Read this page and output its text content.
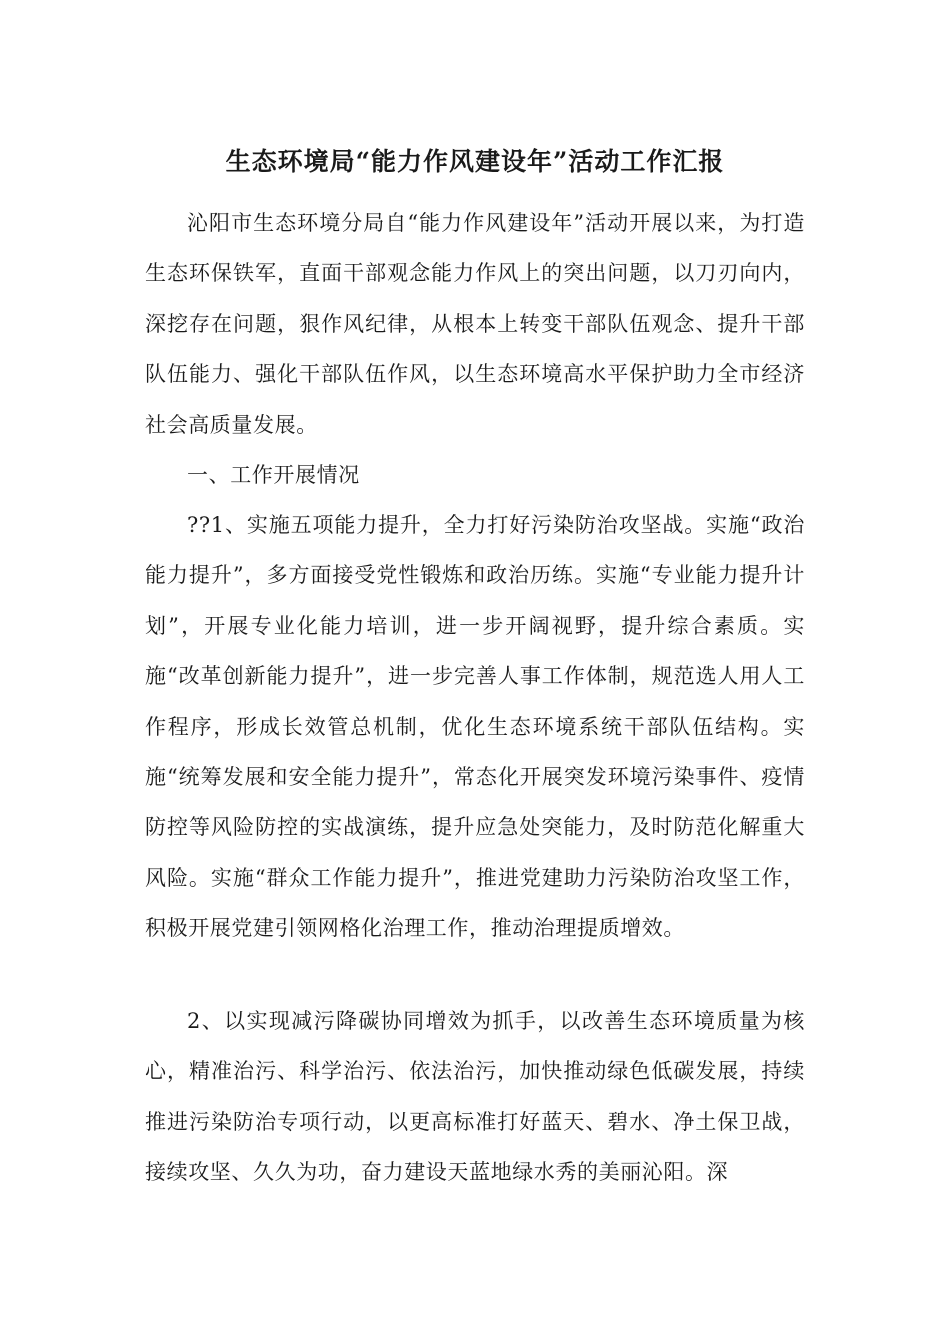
生态环境局“能力作风建设年”活动工作汇报

沁阳市生态环境分局自“能力作风建设年”活动开展以来，为打造生态环保铁军，直面干部观念能力作风上的突出问题，以刀刃向内，深挖存在问题，狠作风纪律，从根本上转变干部队伍观念、提升干部队伍能力、强化干部队伍作风，以生态环境高水平保护助力全市经济社会高质量发展。

一、工作开展情况

??1、实施五项能力提升，全力打好污染防治攻坚战。实施“政治能力提升”，多方面接受党性锻炼和政治历练。实施“专业能力提升计划”，开展专业化能力培训，进一步开阔视野，提升综合素质。实施“改革创新能力提升”，进一步完善人事工作体制，规范选人用人工作程序，形成长效管总机制，优化生态环境系统干部队伍结构。实施“统筹发展和安全能力提升”，常态化开展突发环境污染事件、疫情防控等风险防控的实战演练，提升应急处突能力，及时防范化解重大风险。实施“群众工作能力提升”，推进党建助力污染防治攻坚工作，积极开展党建引领网格化治理工作，推动治理提质增效。

2、以实现减污降碳协同增效为抓手，以改善生态环境质量为核心，精准治污、科学治污、依法治污，加快推动绿色低碳发展，持续推进污染防治专项行动，以更高标准打好蓝天、碧水、净土保卫战，接续攻坚、久久为功，奋力建设天蓝地绿水秀的美丽沁阳。深
